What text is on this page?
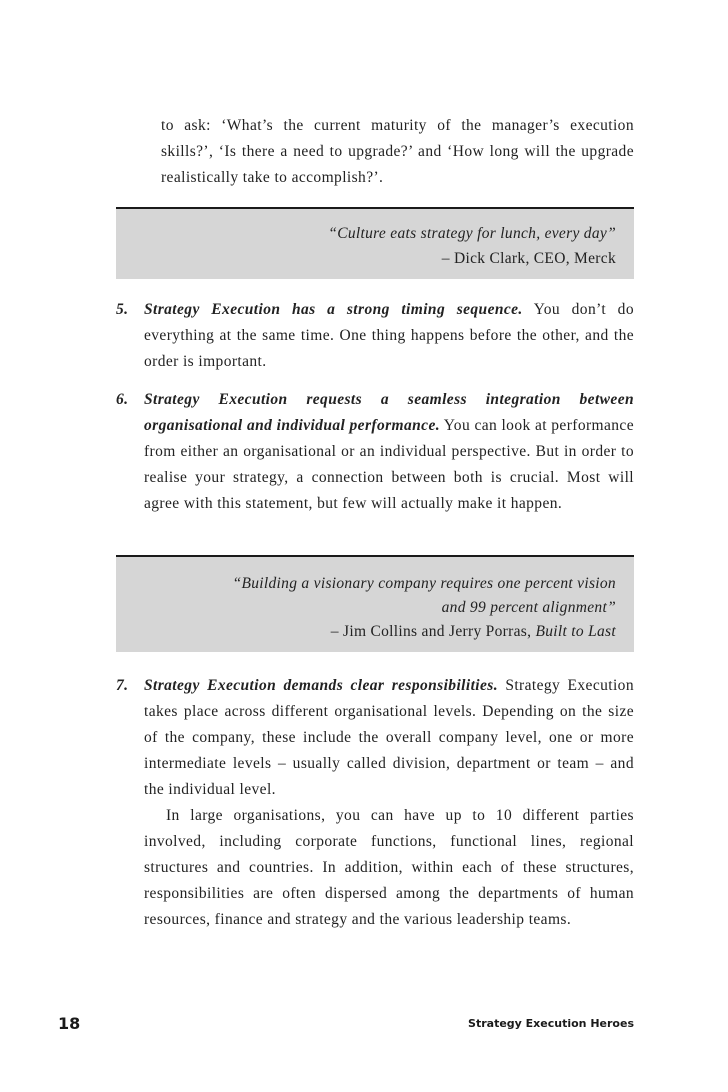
to ask: ‘What’s the current maturity of the manager’s execution skills?’, ‘Is there a need to upgrade?’ and ‘How long will the upgrade realistically take to accomplish?’.

“Culture eats strategy for lunch, every day”
– Dick Clark, CEO, Merck
5. Strategy Execution has a strong timing sequence. You don’t do everything at the same time. One thing happens before the other, and the order is important.

6. Strategy Execution requests a seamless integration between organisational and individual performance. You can look at performance from either an organisational or an individual perspective. But in order to realise your strategy, a connection between both is crucial. Most will agree with this statement, but few will actually make it happen.

“Building a visionary company requires one percent vision
and 99 percent alignment”
– Jim Collins and Jerry Porras, Built to Last
7. Strategy Execution demands clear responsibilities. Strategy Execution takes place across different organisational levels. Depending on the size of the company, these include the overall company level, one or more intermediate levels – usually called division, department or team – and the individual level.

In large organisations, you can have up to 10 different parties involved, including corporate functions, functional lines, regional structures and countries. In addition, within each of these structures, responsibilities are often dispersed among the departments of human resources, finance and strategy and the various leadership teams.

18	Strategy Execution Heroes
